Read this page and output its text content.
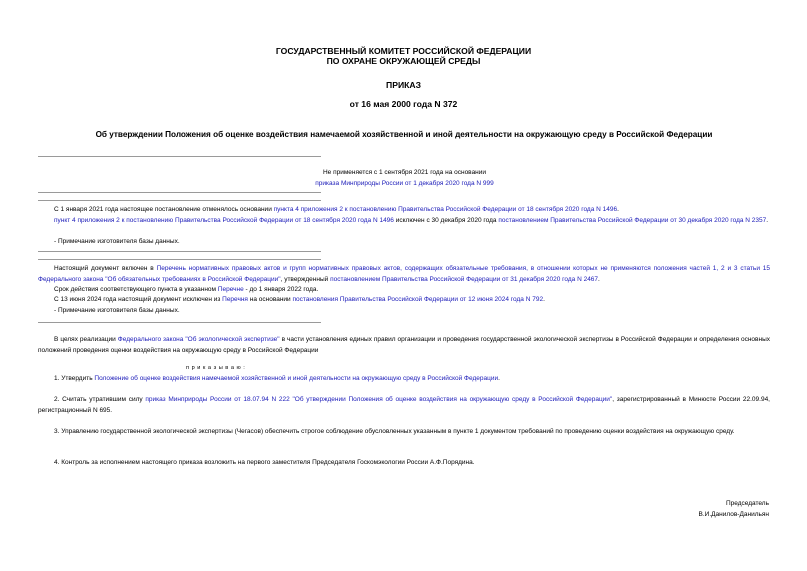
ГОСУДАРСТВЕННЫЙ КОМИТЕТ РОССИЙСКОЙ ФЕДЕРАЦИИ
ПО ОХРАНЕ ОКРУЖАЮЩЕЙ СРЕДЫ
ПРИКАЗ
от 16 мая 2000 года N 372
Об утверждении Положения об оценке воздействия намечаемой хозяйственной и иной деятельности на окружающую среду в Российской Федерации
Не применяется с 1 сентября 2021 года на основании
приказа Минприроды России от 1 декабря 2020 года N 999
С 1 января 2021 года настоящее постановление отменялось основании пункта 4 приложения 2 к постановлению Правительства Российской Федерации от 18 сентября 2020 года N 1496.
пункт 4 приложения 2 к постановлению Правительства Российской Федерации от 18 сентября 2020 года N 1496 исключен с 30 декабря 2020 года постановлением Правительства Российской Федерации от 30 декабря 2020 года N 2357.
- Примечание изготовителя базы данных.
Настоящий документ включен в Перечень нормативных правовых актов и групп нормативных правовых актов, содержащих обязательные требования, в отношении которых не применяются положения частей 1, 2 и 3 статьи 15 Федерального закона "Об обязательных требованиях в Российской Федерации", утвержденный постановлением Правительства Российской Федерации от 31 декабря 2020 года N 2467.
Срок действия соответствующего пункта в указанном Перечне - до 1 января 2022 года.
С 13 июня 2024 года настоящий документ исключен из Перечня на основании постановления Правительства Российской Федерации от 12 июня 2024 года N 792.
- Примечание изготовителя базы данных.
В целях реализации Федерального закона "Об экологической экспертизе" в части установления единых правил организации и проведения государственной экологической экспертизы в Российской Федерации и определения основных положений проведения оценки воздействия на окружающую среду в Российской Федерации
п р и к а з ы в а ю :
1. Утвердить Положение об оценке воздействия намечаемой хозяйственной и иной деятельности на окружающую среду в Российской Федерации.
2. Считать утратившим силу приказ Минприроды России от 18.07.94 N 222 "Об утверждении Положения об оценке воздействия на окружающую среду в Российской Федерации", зарегистрированный в Минюсте России 22.09.94, регистрационный N 695.
3. Управлению государственной экологической экспертизы (Чегасов) обеспечить строгое соблюдение обусловленных указанным в пункте 1 документом требований по проведению оценки воздействия на окружающую среду.
4. Контроль за исполнением настоящего приказа возложить на первого заместителя Председателя Госкомэкологии России А.Ф.Порядина.
Председатель
В.И.Данилов-Данильян
